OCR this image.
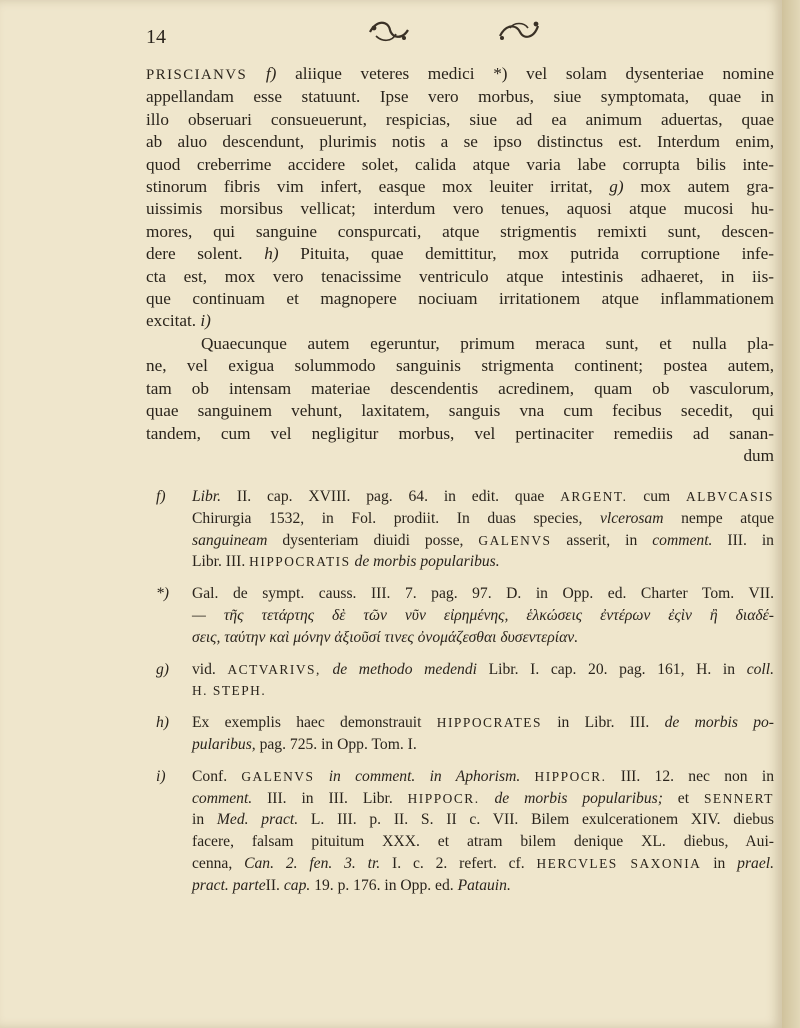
14
PRISCIANVS f) aliique veteres medici *) vel solam dysenteriae nomine
appellandam esse statuunt. Ipse vero morbus, siue symptomata, quae in
illo obseruari consueuerunt, respicias, siue ad ea animum aduertas, quae
ab aluo descendunt, plurimis notis a se ipso distinctus est. Interdum enim,
quod creberrime accidere solet, calida atque varia labe corrupta bilis inte-
stinorum fibris vim infert, easque mox leuiter irritat, g) mox autem gra-
uissimis morsibus vellicat; interdum vero tenues, aquosi atque mucosi hu-
mores, qui sanguine conspurcati, atque strigmentis remixti sunt, descen-
dere solent. h) Pituita, quae demittitur, mox putrida corruptione infe-
cta est, mox vero tenacissime ventriculo atque intestinis adhaeret, in iis-
que continuam et magnopere nociuam irritationem atque inflammationem
excitat. i)
Quaecunque autem egeruntur, primum meraca sunt, et nulla pla-
ne, vel exigua solummodo sanguinis strigmenta continent; postea autem,
tam ob intensam materiae descendentis acredinem, quam ob vasculorum,
quae sanguinem vehunt, laxitatem, sanguis vna cum fecibus secedit, qui
tandem, cum vel negligitur morbus, vel pertinaciter remediis ad sanan-
dum
f) Libr. II. cap. XVIII. pag. 64. in edit. quae ARGENT. cum ALBVCASIS
Chirurgia 1532, in Fol. prodiit. In duas species, vlcerosam nempe atque
sanguineam dysenteriam diuidi posse, GALENVS asserit, in comment. III. in
Libr. III. HIPPOCRATIS de morbis popularibus.
*) Gal. de sympt. causs. III. 7. pag. 97. D. in Opp. ed. Charter Tom. VII.
— τῆς τετάρτης δὲ τῶν νῦν εἰρημένης, ἑλκώσεις ἐντέρων ἐςὶν ἢ διαδέ-
σεις, ταύτην καὶ μόνην ἀξιοῦσί τινες ὀνομάζεσθαι δυσεντερίαν.
g) vid. ACTVARIVS, de methodo medendi Libr. I. cap. 20. pag. 161, H. in coll.
H. STEPH.
h) Ex exemplis haec demonstrauit HIPPOCRATES in Libr. III. de morbis po-
pularibus, pag. 725. in Opp. Tom. I.
i) Conf. GALENVS in comment. in Aphorism. HIPPOCR. III. 12. nec non in
comment. III. in III. Libr. HIPPOCR. de morbis popularibus; et SENNERT
in Med. pract. L. III. p. II. S. II c. VII. Bilem exulcerationem XIV. diebus
facere, falsam pituitum XXX. et atram bilem denique XL. diebus, Aui-
cenna, Can. 2. fen. 3. tr. I. c. 2. refert. cf. HERCVLES SAXONIA in prael.
pract. parteII. cap. 19. p. 176. in Opp. ed. Patauin.
